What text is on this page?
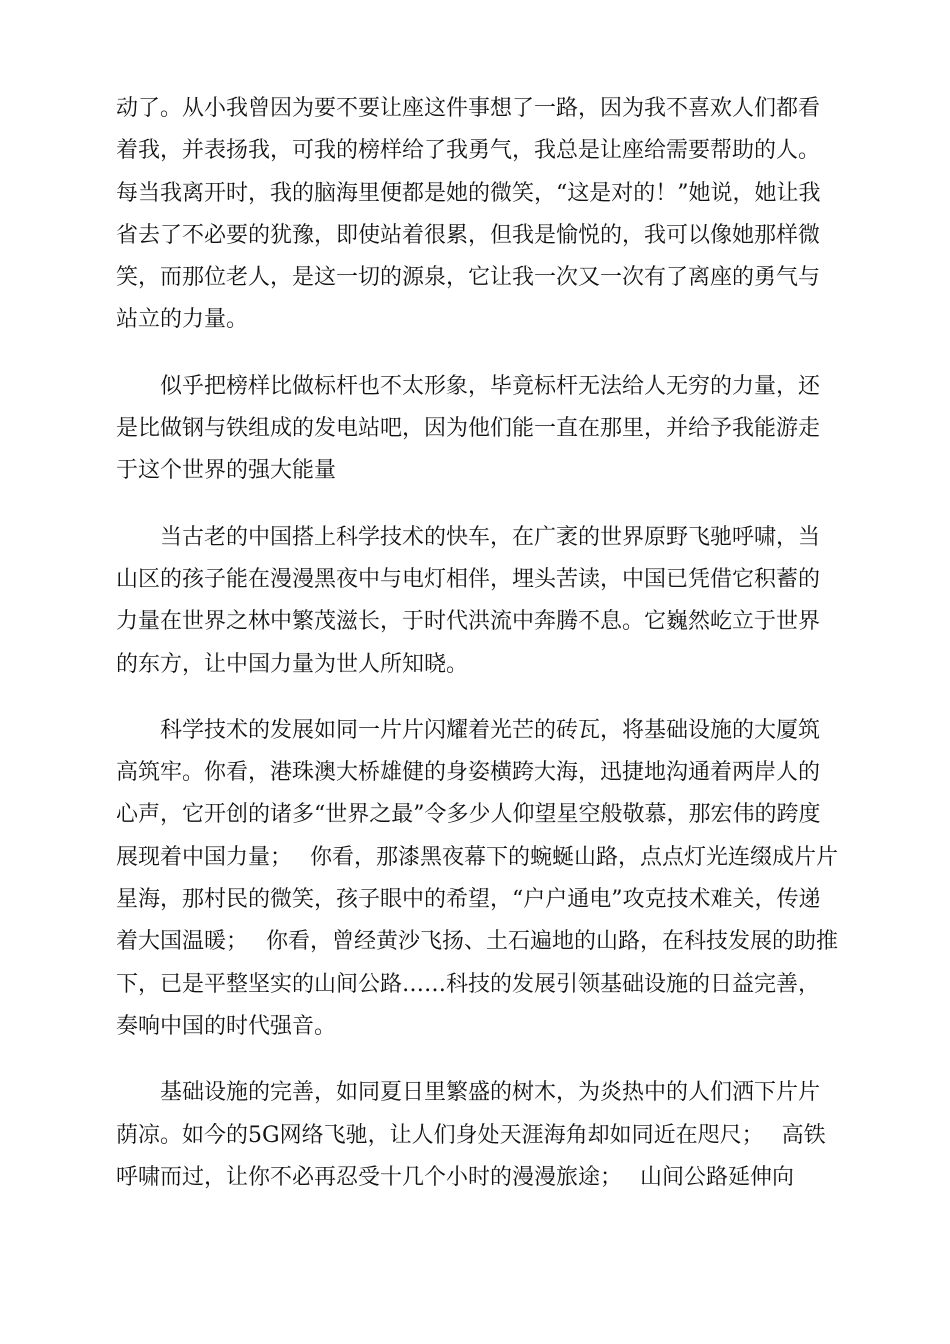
动了。从小我曾因为要不要让座这件事想了一路，因为我不喜欢人们都看着我，并表扬我，可我的榜样给了我勇气，我总是让座给需要帮助的人。每当我离开时，我的脑海里便都是她的微笑，“这是对的！”她说，她让我省去了不必要的犹豫，即使站着很累，但我是愉悦的，我可以像她那样微笑，而那位老人，是这一切的源泉，它让我一次又一次有了离座的勇气与站立的力量。

似乎把榜样比做标杆也不太形象，毕竟标杆无法给人无穷的力量，还是比做钢与铁组成的发电站吧，因为他们能一直在那里，并给予我能游走于这个世界的强大能量

当古老的中国搭上科学技术的快车，在广袤的世界原野飞驰呼啸，当山区的孩子能在漫漫黑夜中与电灯相伴，埋头苦读，中国已凭借它积蓄的力量在世界之林中繁茂滋长，于时代洪流中奔腾不息。它巍然屹立于世界的东方，让中国力量为世人所知晓。

科学技术的发展如同一片片闪耀着光芒的砖瓦，将基础设施的大厦筑高筑牢。你看，港珠澳大桥雄健的身姿横跨大海，迅捷地沟通着两岸人的心声，它开创的诸多“世界之最”令多少人仰望星空般敬慕，那宏伟的跨度展现着中国力量；　 你看，那漆黑夜幕下的蜿蜒山路，点点灯光连缀成片片星海，那村民的微笑，孩子眼中的希望，“户户通电”攻克技术难关，传递着大国温暖；　 你看，曾经黄沙飞扬、土石遍地的山路，在科技发展的助推下，已是平整坚实的山间公路……科技的发展引领基础设施的日益完善，奏响中国的时代强音。

基础设施的完善，如同夏日里繁盛的树木，为炎热中的人们洒下片片荫凉。如今的5G网络飞驰，让人们身处天涯海角却如同近在咫尺；　 高铁呼啸而过，让你不必再忍受十几个小时的漫漫旅途；　 山间公路延伸向
